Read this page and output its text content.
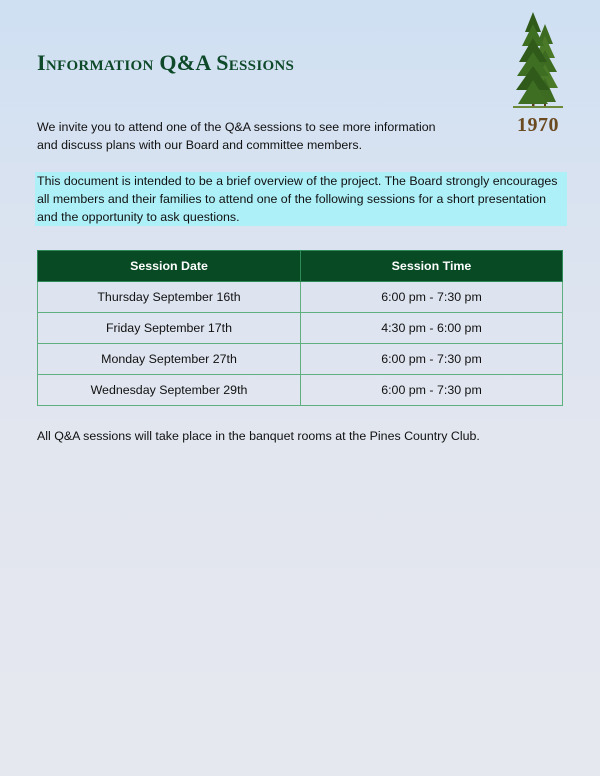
Information Q&A Sessions
1970

We invite you to attend one of the Q&A sessions to see more information and discuss plans with our Board and committee members.

This document is intended to be a brief overview of the project. The Board strongly encourages all members and their families to attend one of the following sessions for a short presentation and the opportunity to ask questions.

Session Date	Session Time
Thursday September 16th	6:00 pm - 7:30 pm
Friday September 17th	4:30 pm - 6:00 pm
Monday September 27th	6:00 pm - 7:30 pm
Wednesday September 29th	6:00 pm - 7:30 pm

All Q&A sessions will take place in the banquet rooms at the Pines Country Club.
